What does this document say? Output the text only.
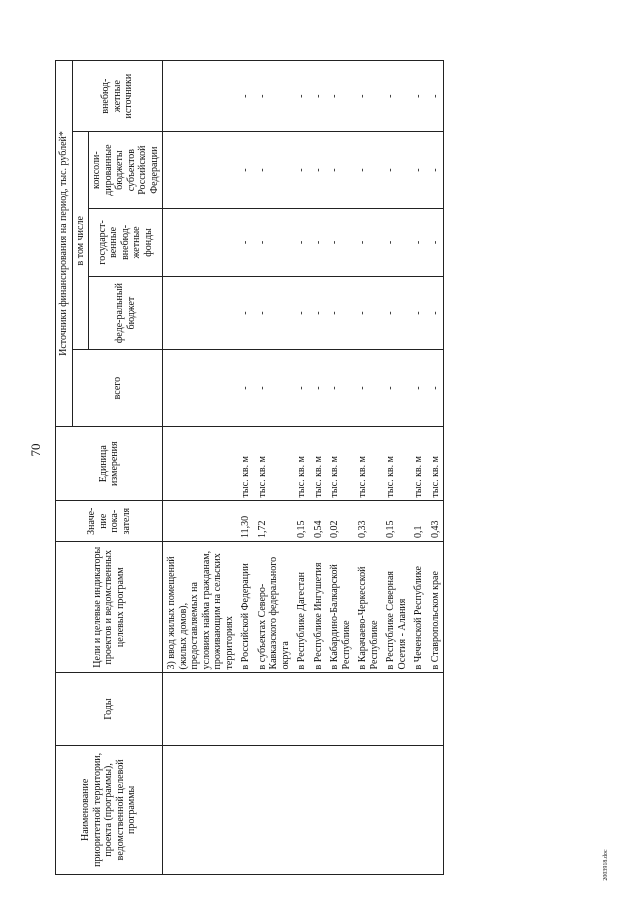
70
2003918.doc
Наименование приоритетной территории, проекта (программы), ведомственной целевой программы	Годы	Цели и целевые индикаторы проектов и ведомственных целевых программ	Значе-ние пока-зателя	Единица измерения	Источники финансирования на период, тыс. рублей*				
					всего	в том числе			внебюд-жетные источники
						феде-ральный бюджет	государст-венные внебюд-жетные фонды	консоли-дированные бюджеты субъектов Российской Федерации	
		3) ввод жилых помещений (жилых домов), предоставляемых на условиях найма гражданам, проживающим на сельских территориях							
		в Российской Федерации	11,30	тыс. кв. м	-	-	-	-	-
		в субъектах Северо-Кавказского федерального округа	1,72	тыс. кв. м	-	-	-	-	-
		в Республике Дагестан	0,15	тыс. кв. м	-	-	-	-	-
		в Республике Ингушетия	0,54	тыс. кв. м	-	-	-	-	-
		в Кабардино-Балкарской Республике	0,02	тыс. кв. м	-	-	-	-	-
		в Карачаево-Черкесской Республике	0,33	тыс. кв. м	-	-	-	-	-
		в Республике Северная Осетия - Алания	0,15	тыс. кв. м	-	-	-	-	-
		в Чеченской Республике	0,1	тыс. кв. м	-	-	-	-	-
		в Ставропольском крае	0,43	тыс. кв. м	-	-	-	-	-
